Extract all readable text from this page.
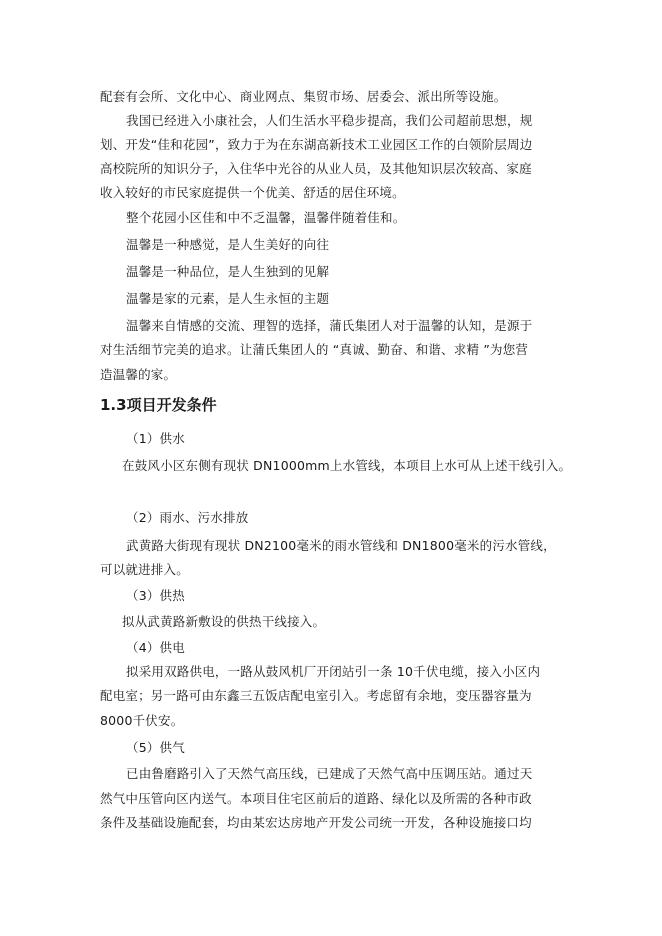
配套有会所、文化中心、商业网点、集贸市场、居委会、派出所等设施。
我国已经进入小康社会，人们生活水平稳步提高，我们公司超前思想，规
划、开发“佳和花园”，致力于为在东湖高新技术工业园区工作的白领阶层周边
高校院所的知识分子，入住华中光谷的从业人员，及其他知识层次较高、家庭
收入较好的市民家庭提供一个优美、舒适的居住环境。
整个花园小区佳和中不乏温馨，温馨伴随着佳和。
温馨是一种感觉，是人生美好的向往
温馨是一种品位，是人生独到的见解
温馨是家的元素，是人生永恒的主题
温馨来自情感的交流、理智的选择，蒲氏集团人对于温馨的认知，是源于
对生活细节完美的追求。让蒲氏集团人的 “真诚、勤奋、和谐、求精 ”为您营
造温馨的家。
1.3项目开发条件
（1）供水
在鼓风小区东侧有现状 DN1000mm上水管线，本项目上水可从上述干线引入。
（2）雨水、污水排放
武黄路大街现有现状 DN2100毫米的雨水管线和 DN1800毫米的污水管线，
可以就进排入。
（3）供热
拟从武黄路新敷设的供热干线接入。
（4）供电
拟采用双路供电，一路从鼓风机厂开闭站引一条 10千伏电缆，接入小区内
配电室；另一路可由东鑫三五饭店配电室引入。考虑留有余地，变压器容量为
8000千伏安。
（5）供气
已由鲁磨路引入了天然气高压线，已建成了天然气高中压调压站。通过天
然气中压管向区内送气。本项目住宅区前后的道路、绿化以及所需的各种市政
条件及基础设施配套，均由某宏达房地产开发公司统一开发，各种设施接口均
